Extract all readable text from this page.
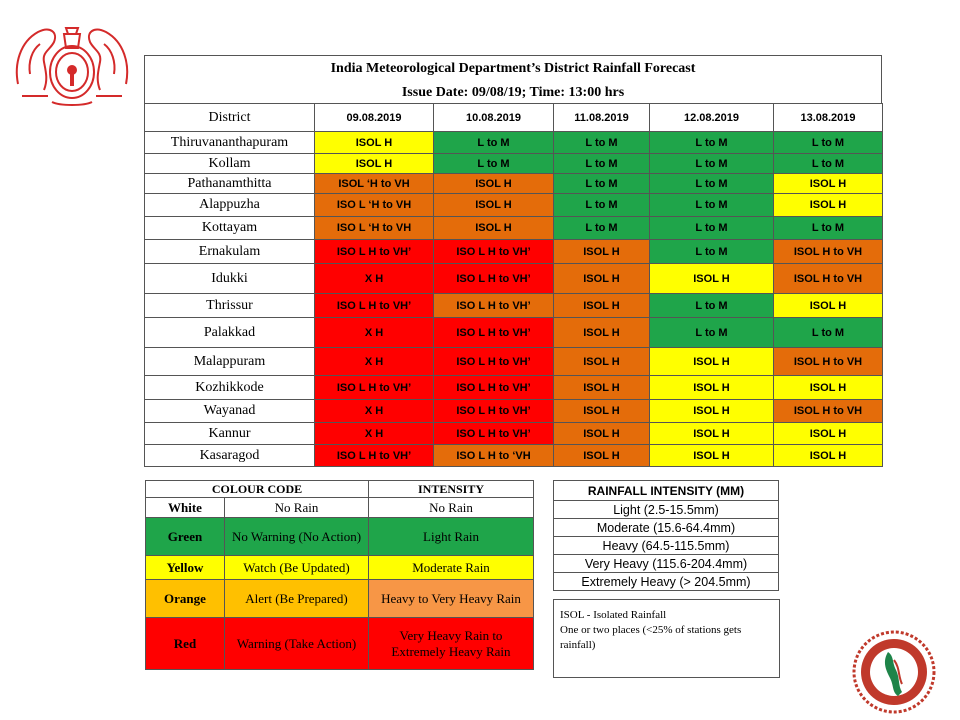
India Meteorological Department’s District Rainfall Forecast
Issue Date: 09/08/19; Time: 13:00 hrs
District	09.08.2019	10.08.2019	11.08.2019	12.08.2019	13.08.2019
Thiruvananthapuram	ISOL H	L to M	L to M	L to M	L to M
Kollam	ISOL H	L to M	L to M	L to M	L to M
Pathanamthitta	ISOL ‘H to VH	ISOL H	L to M	L to M	ISOL H
Alappuzha	ISO L ‘H to VH	ISOL H	L to M	L to M	ISOL H
Kottayam	ISO L ‘H to VH	ISOL H	L to M	L to M	L to M
Ernakulam	ISO L H to VH’	ISO L H to VH’	ISOL H	L to M	ISOL H to VH
Idukki	X H	ISO L H to VH’	ISOL H	ISOL H	ISOL H to VH
Thrissur	ISO L H to VH’	ISO L H to VH’	ISOL H	L to M	ISOL H
Palakkad	X H	ISO L H to VH’	ISOL H	L to M	L to M
Malappuram	X H	ISO L H to VH’	ISOL H	ISOL H	ISOL H to VH
Kozhikkode	ISO L H to VH’	ISO L H to VH’	ISOL H	ISOL H	ISOL H
Wayanad	X H	ISO L H to VH’	ISOL H	ISOL H	ISOL H to VH
Kannur	X H	ISO L H to VH’	ISOL H	ISOL H	ISOL H
Kasaragod	ISO L H to VH’	ISO L H to ‘VH	ISOL H	ISOL H	ISOL H
COLOUR CODE		INTENSITY
White	No Rain	No Rain
Green	No Warning (No Action)	Light Rain
Yellow	Watch (Be Updated)	Moderate Rain
Orange	Alert (Be Prepared)	Heavy to Very Heavy Rain
Red	Warning (Take Action)	Very Heavy Rain to Extremely Heavy Rain
RAINFALL INTENSITY (MM)
Light (2.5-15.5mm)
Moderate (15.6-64.4mm)
Heavy (64.5-115.5mm)
Very Heavy (115.6-204.4mm)
Extremely Heavy (> 204.5mm)
ISOL - Isolated Rainfall
One or two places (<25% of stations gets
rainfall)
